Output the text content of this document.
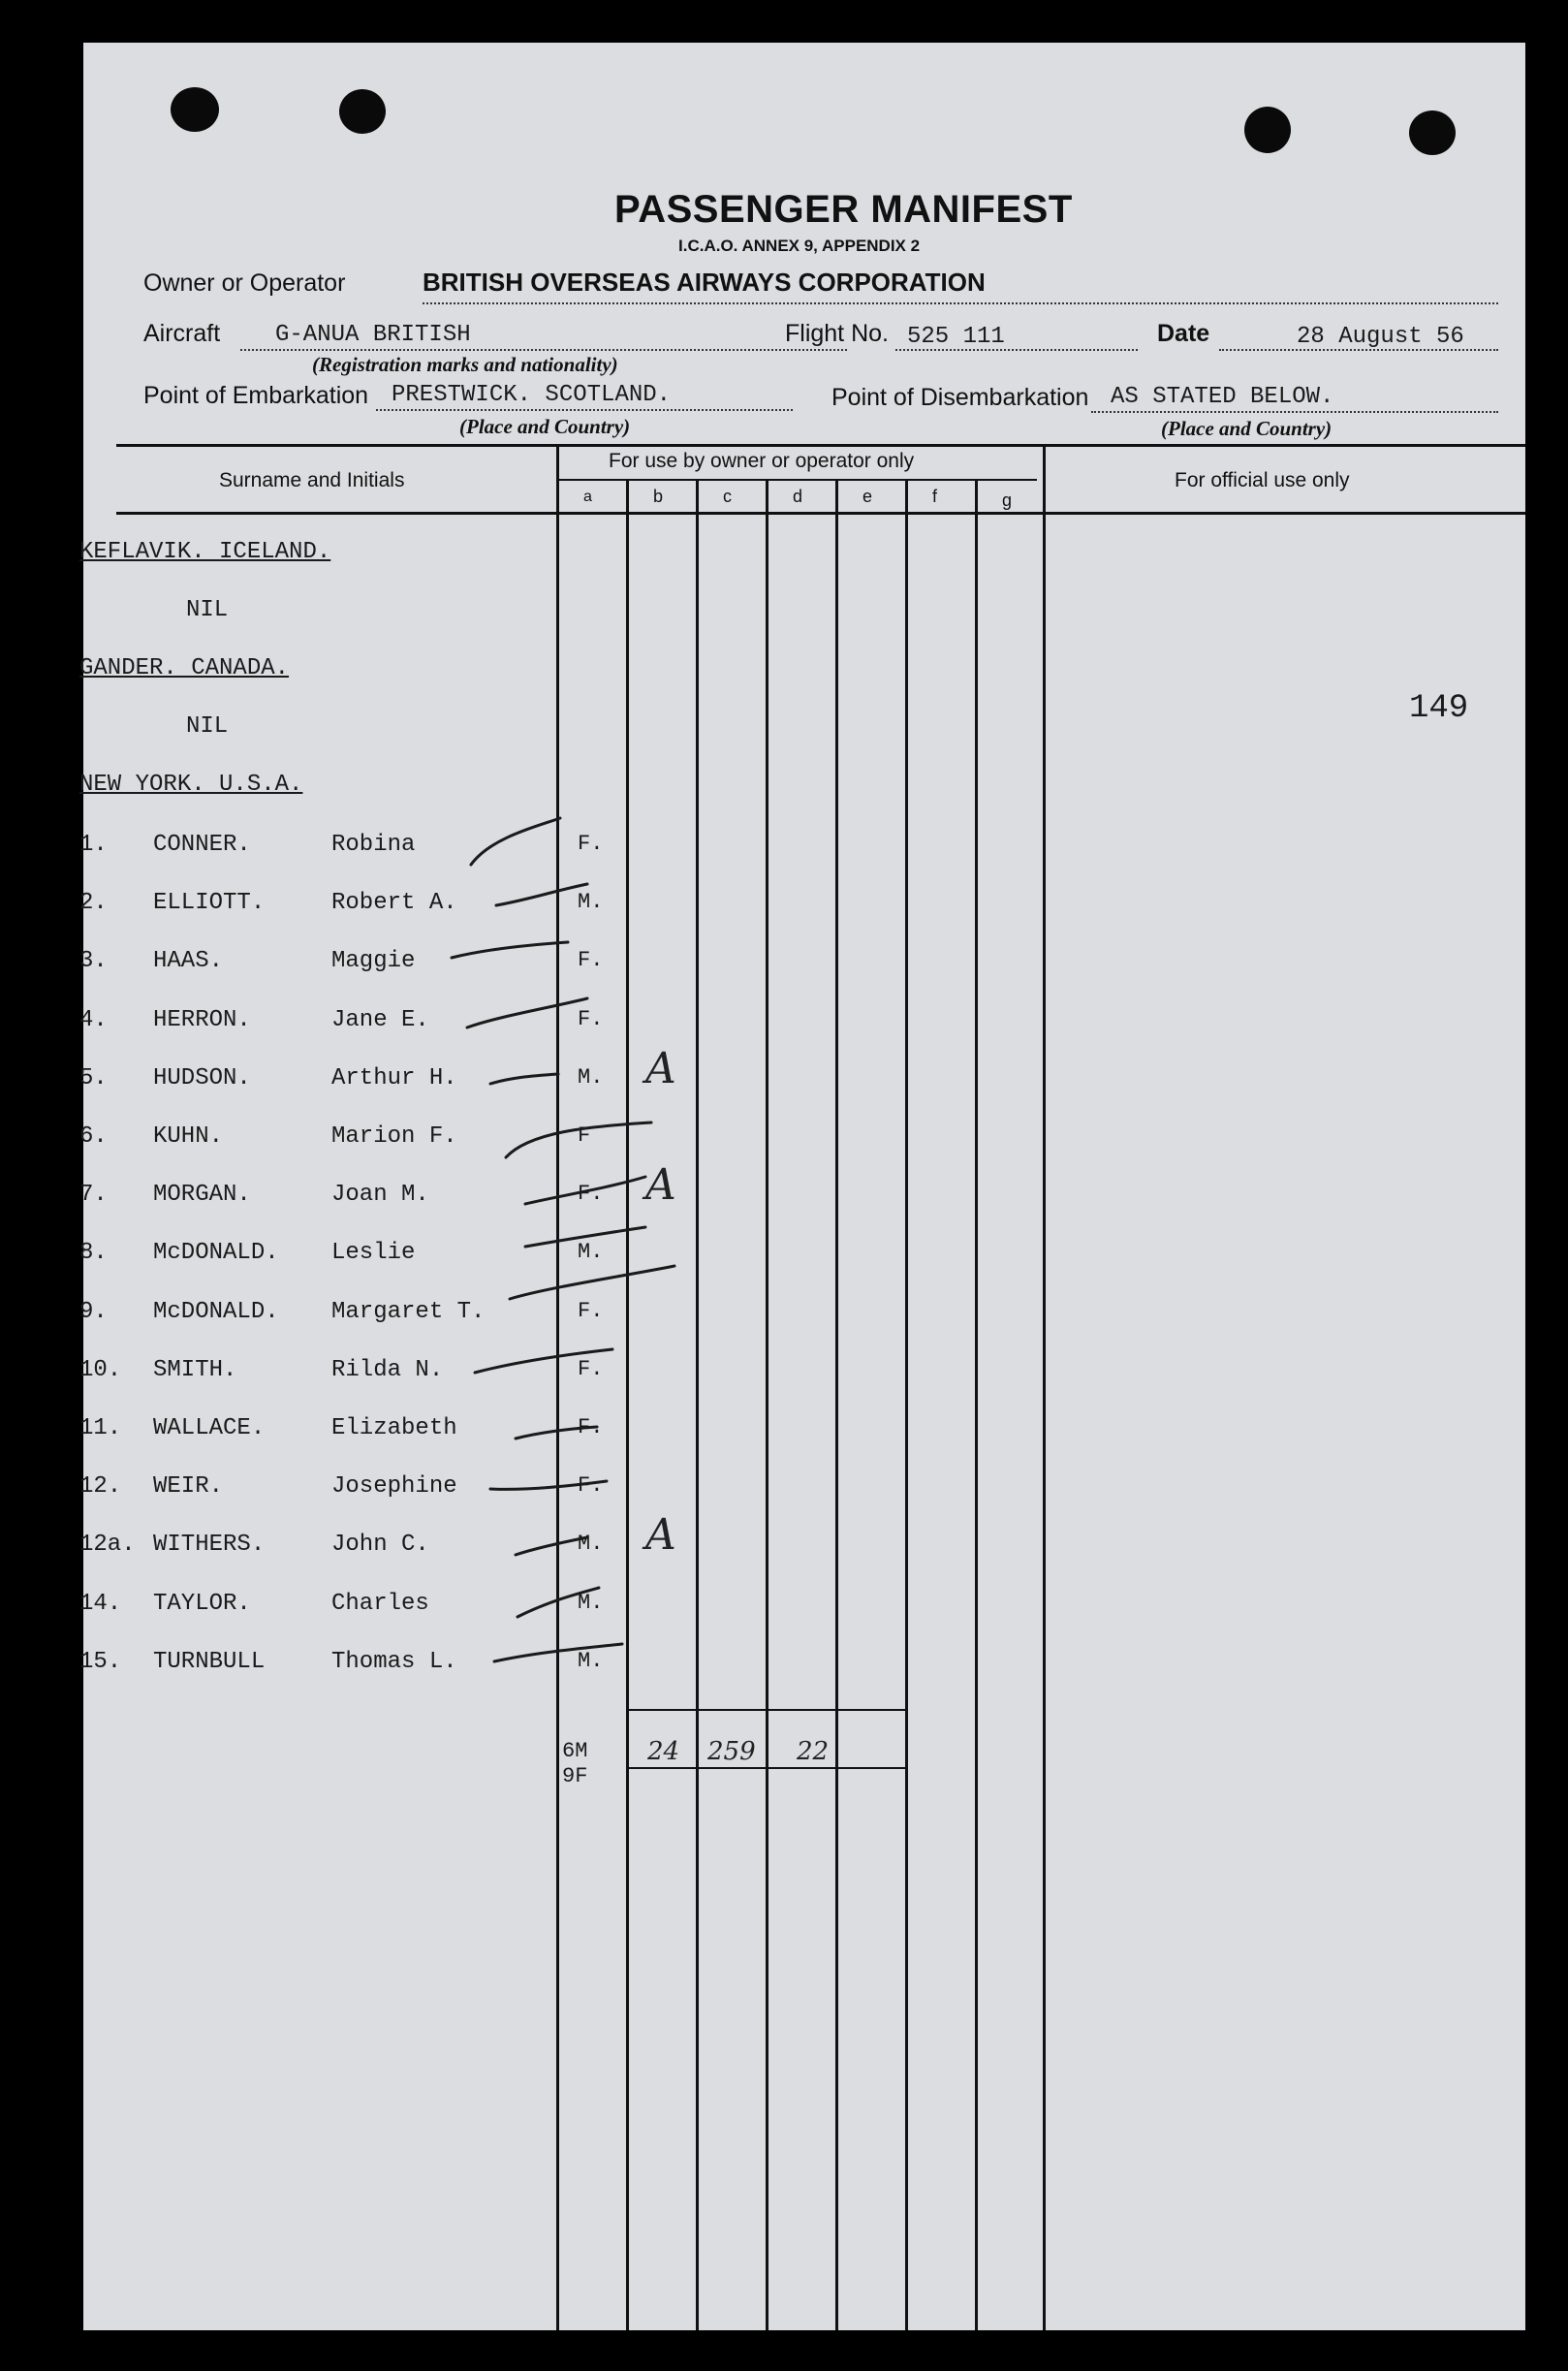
PASSENGER MANIFEST
I.C.A.O. ANNEX 9, APPENDIX 2
Owner or Operator	BRITISH OVERSEAS AIRWAYS CORPORATION
Aircraft G-ANUA BRITISH
(Registration marks and nationality)
Flight No. 525 111	Date	28 August 56
Point of Embarkation PRESTWICK. SCOTLAND.
(Place and Country)
Point of Disembarkation AS STATED BELOW.
(Place and Country)
Surname and Initials
For use by owner or operator only
For official use only
a	b	c	d	e	f	g
KEFLAVIK. ICELAND.
NIL
GANDER. CANADA.
NIL
NEW YORK. U.S.A.
149
1. CONNER.	Robina	F.
2. ELLIOTT.	Robert A.	M.
3. HAAS.	Maggie	F.
4. HERRON.	Jane E.	F.
5. HUDSON.	Arthur H.	M. A
6. KUHN.	Marion F.	F
7. MORGAN.	Joan M.	F. A
8. McDONALD. Leslie	M.
9. McDONALD. Margaret T.	F.
10. SMITH.	Rilda N.	F.
11. WALLACE.	Elizabeth	F.
12. WEIR.	Josephine	F.
12a. WITHERS.	John C.	M. A
14. TAYLOR.	Charles	M.
15. TURNBULL	Thomas L.	M.
6M
9F
24 259 22
